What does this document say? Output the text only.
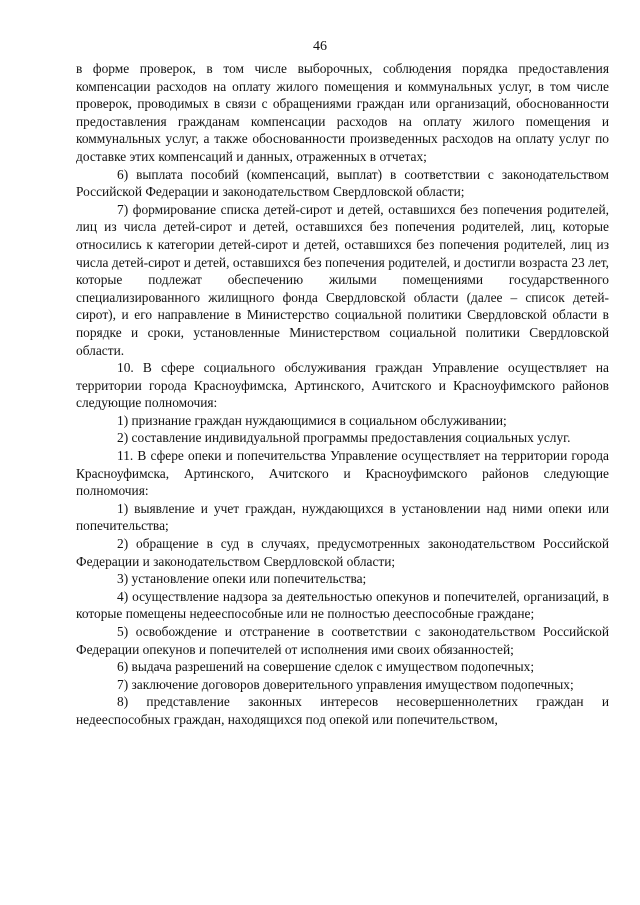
46

в форме проверок, в том числе выборочных, соблюдения порядка предоставления компенсации расходов на оплату жилого помещения и коммунальных услуг, в том числе проверок, проводимых в связи с обращениями граждан или организаций, обоснованности предоставления гражданам компенсации расходов на оплату жилого помещения и коммунальных услуг, а также обоснованности произведенных расходов на оплату услуг по доставке этих компенсаций и данных, отраженных в отчетах;

6) выплата пособий (компенсаций, выплат) в соответствии с законодательством Российской Федерации и законодательством Свердловской области;

7) формирование списка детей-сирот и детей, оставшихся без попечения родителей, лиц из числа детей-сирот и детей, оставшихся без попечения родителей, лиц, которые относились к категории детей-сирот и детей, оставшихся без попечения родителей, лиц из числа детей-сирот и детей, оставшихся без попечения родителей, и достигли возраста 23 лет, которые подлежат обеспечению жилыми помещениями государственного специализированного жилищного фонда Свердловской области (далее – список детей-сирот), и его направление в Министерство социальной политики Свердловской области в порядке и сроки, установленные Министерством социальной политики Свердловской области.

10. В сфере социального обслуживания граждан Управление осуществляет на территории города Красноуфимска, Артинского, Ачитского и Красноуфимского районов следующие полномочия:

1) признание граждан нуждающимися в социальном обслуживании;

2) составление индивидуальной программы предоставления социальных услуг.

11. В сфере опеки и попечительства Управление осуществляет на территории города Красноуфимска, Артинского, Ачитского и Красноуфимского районов следующие полномочия:

1) выявление и учет граждан, нуждающихся в установлении над ними опеки или попечительства;

2) обращение в суд в случаях, предусмотренных законодательством Российской Федерации и законодательством Свердловской области;

3) установление опеки или попечительства;

4) осуществление надзора за деятельностью опекунов и попечителей, организаций, в которые помещены недееспособные или не полностью дееспособные граждане;

5) освобождение и отстранение в соответствии с законодательством Российской Федерации опекунов и попечителей от исполнения ими своих обязанностей;

6) выдача разрешений на совершение сделок с имуществом подопечных;

7) заключение договоров доверительного управления имуществом подопечных;

8) представление законных интересов несовершеннолетних граждан и недееспособных граждан, находящихся под опекой или попечительством,
